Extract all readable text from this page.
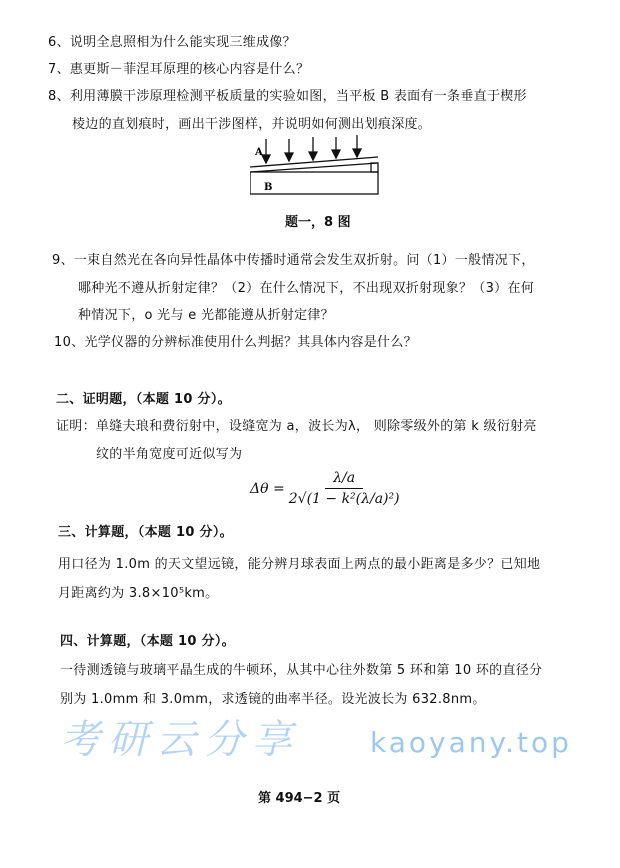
考研云分享	kaoyany.top
6、说明全息照相为什么能实现三维成像？
7、惠更斯－菲涅耳原理的核心内容是什么？
8、利用薄膜干涉原理检测平板质量的实验如图，当平板 B 表面有一条垂直于楔形
棱边的直划痕时，画出干涉图样，并说明如何测出划痕深度。
A
B
题一，8 图
9、一束自然光在各向异性晶体中传播时通常会发生双折射。问（1）一般情况下，
哪种光不遵从折射定律？（2）在什么情况下，不出现双折射现象？（3）在何
种情况下，o 光与 e 光都能遵从折射定律？
10、光学仪器的分辨标准使用什么判据？其具体内容是什么？
二、证明题，（本题 10 分）。
证明：单缝夫琅和费衍射中，设缝宽为 a，波长为λ， 则除零级外的第 k 级衍射亮
纹的半角宽度可近似写为
$\Delta\theta = \frac{\lambda/a}{\text{2√(1 − k²(λ/a)²)}}$
三、计算题，（本题 10 分）。
用口径为 1.0m 的天文望远镜，能分辨月球表面上两点的最小距离是多少？已知地
月距离约为 3.8×10⁵km。
四、计算题，（本题 10 分）。
一待测透镜与玻璃平晶生成的牛顿环，从其中心往外数第 5 环和第 10 环的直径分
别为 1.0mm 和 3.0mm，求透镜的曲率半径。设光波长为 632.8nm。
第 494−2 页
